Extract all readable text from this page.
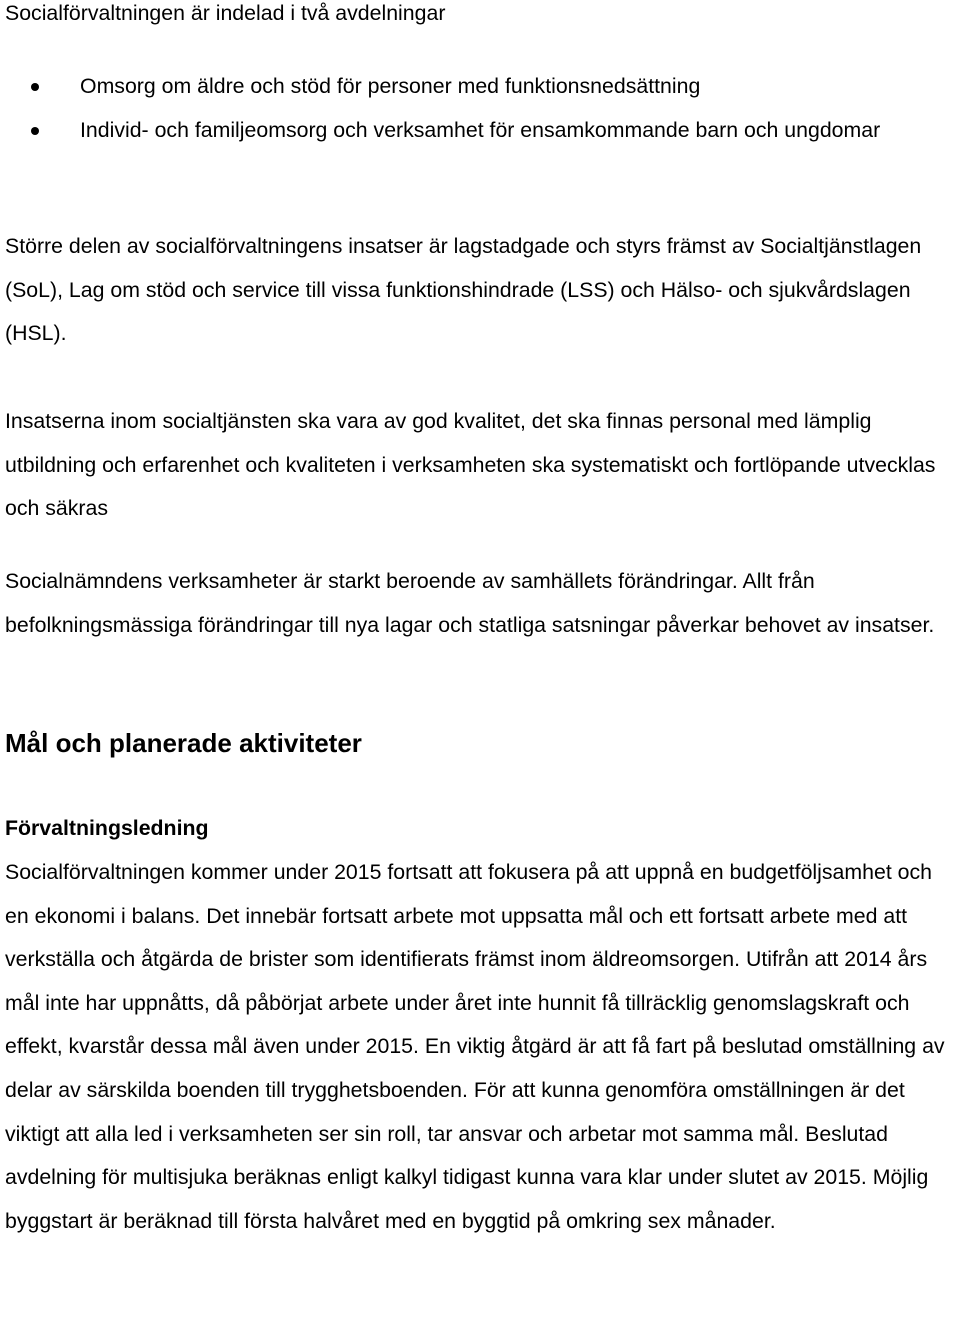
Socialförvaltningen är indelad i två avdelningar

Omsorg om äldre och stöd för personer med funktionsnedsättning
Individ- och familjeomsorg och verksamhet för ensamkommande barn och ungdomar

Större delen av socialförvaltningens insatser är lagstadgade och styrs främst av Socialtjänstlagen (SoL), Lag om stöd och service till vissa funktionshindrade (LSS) och Hälso- och sjukvårdslagen (HSL).

Insatserna inom socialtjänsten ska vara av god kvalitet, det ska finnas personal med lämplig utbildning och erfarenhet och kvaliteten i verksamheten ska systematiskt och fortlöpande utvecklas och säkras

Socialnämndens verksamheter är starkt beroende av samhällets förändringar. Allt från befolkningsmässiga förändringar till nya lagar och statliga satsningar påverkar behovet av insatser.

Mål och planerade aktiviteter
Förvaltningsledning

Socialförvaltningen kommer under 2015 fortsatt att fokusera på att uppnå en budgetföljsamhet och en ekonomi i balans. Det innebär fortsatt arbete mot uppsatta mål och ett fortsatt arbete med att verkställa och åtgärda de brister som identifierats främst inom äldreomsorgen. Utifrån att 2014 års mål inte har uppnåtts, då påbörjat arbete under året inte hunnit få tillräcklig genomslagskraft och effekt, kvarstår dessa mål även under 2015. En viktig åtgärd är att få fart på beslutad omställning av delar av särskilda boenden till trygghetsboenden. För att kunna genomföra omställningen är det viktigt att alla led i verksamheten ser sin roll, tar ansvar och arbetar mot samma mål. Beslutad avdelning för multisjuka beräknas enligt kalkyl tidigast kunna vara klar under slutet av 2015. Möjlig byggstart är beräknad till första halvåret med en byggtid på omkring sex månader.
